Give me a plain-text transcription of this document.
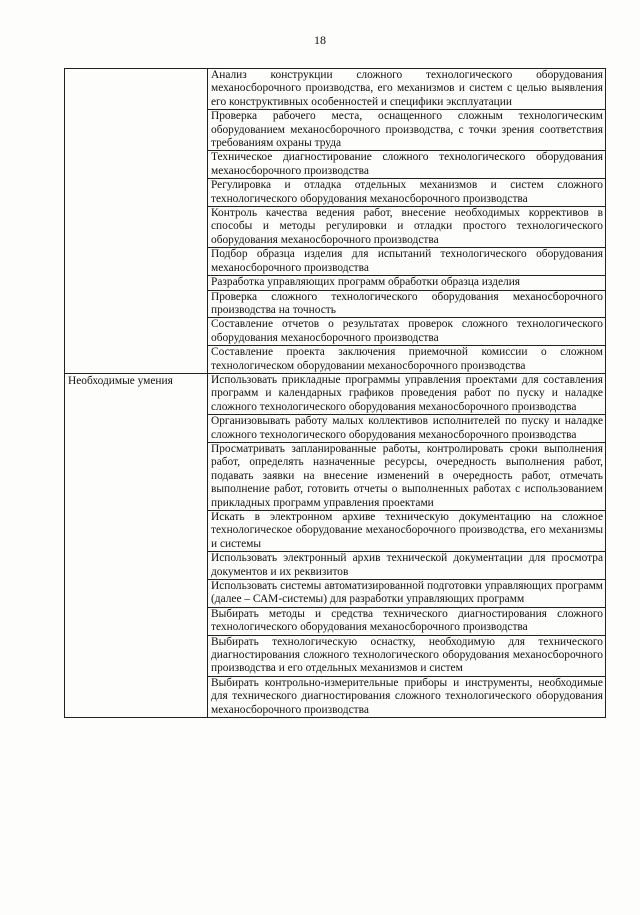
18
	Анализ конструкции сложного технологического оборудования механосборочного производства, его механизмов и систем с целью выявления его конструктивных особенностей и специфики эксплуатации
	Проверка рабочего места, оснащенного сложным технологическим оборудованием механосборочного производства, с точки зрения соответствия требованиям охраны труда
	Техническое диагностирование сложного технологического оборудования механосборочного производства
	Регулировка и отладка отдельных механизмов и систем сложного технологического оборудования механосборочного производства
	Контроль качества ведения работ, внесение необходимых коррективов в способы и методы регулировки и отладки простого технологического оборудования механосборочного производства
	Подбор образца изделия для испытаний технологического оборудования механосборочного производства
	Разработка управляющих программ обработки образца изделия
	Проверка сложного технологического оборудования механосборочного производства на точность
	Составление отчетов о результатах проверок сложного технологического оборудования механосборочного производства
	Составление проекта заключения приемочной комиссии о сложном технологическом оборудовании механосборочного производства

Необходимые умения	Использовать прикладные программы управления проектами для составления программ и календарных графиков проведения работ по пуску и наладке сложного технологического оборудования механосборочного производства
	Организовывать работу малых коллективов исполнителей по пуску и наладке сложного технологического оборудования механосборочного производства
	Просматривать запланированные работы, контролировать сроки выполнения работ, определять назначенные ресурсы, очередность выполнения работ, подавать заявки на внесение изменений в очередность работ, отмечать выполнение работ, готовить отчеты о выполненных работах с использованием прикладных программ управления проектами
	Искать в электронном архиве техническую документацию на сложное технологическое оборудование механосборочного производства, его механизмы и системы
	Использовать электронный архив технической документации для просмотра документов и их реквизитов
	Использовать системы автоматизированной подготовки управляющих программ (далее – САМ-системы) для разработки управляющих программ
	Выбирать методы и средства технического диагностирования сложного технологического оборудования механосборочного производства
	Выбирать технологическую оснастку, необходимую для технического диагностирования сложного технологического оборудования механосборочного производства и его отдельных механизмов и систем
	Выбирать контрольно-измерительные приборы и инструменты, необходимые для технического диагностирования сложного технологического оборудования механосборочного производства
